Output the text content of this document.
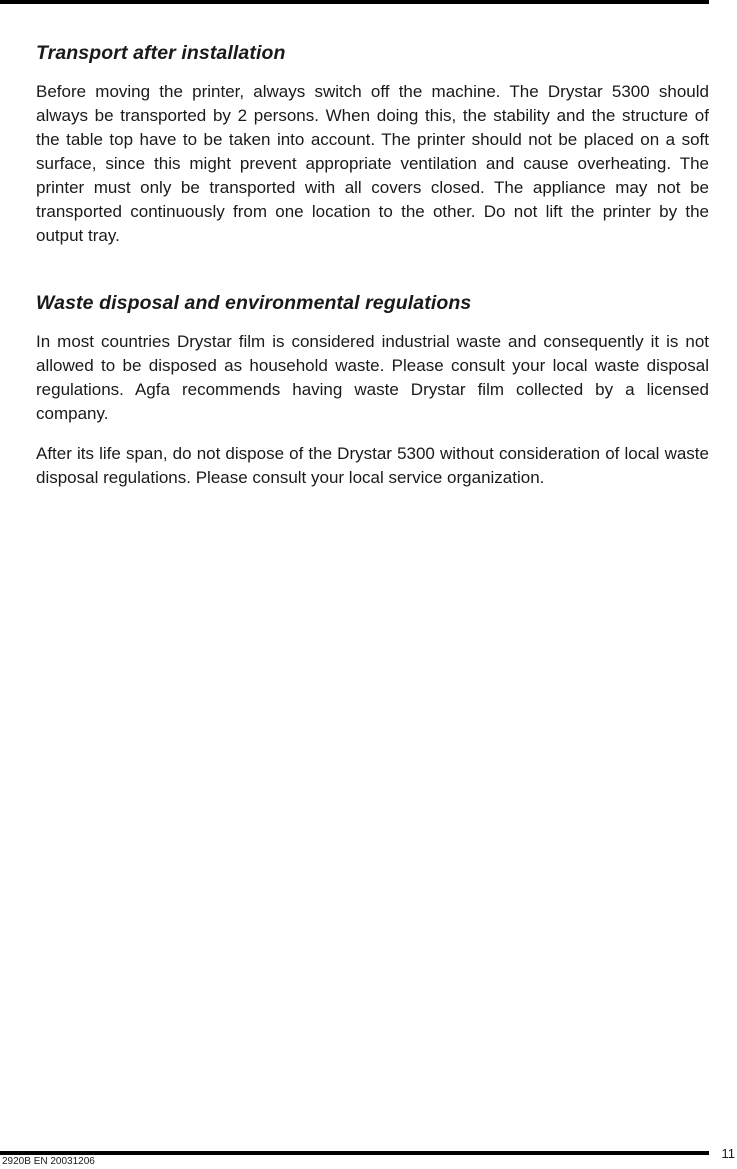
Transport after installation

Before moving the printer, always switch off the machine. The Drystar 5300 should always be transported by 2 persons. When doing this, the stability and the structure of the table top have to be taken into account. The printer should not be placed on a soft surface, since this might prevent appropriate ventilation and cause overheating. The printer must only be transported with all covers closed. The appliance may not be transported continuously from one location to the other. Do not lift the printer by the output tray.

Waste disposal and environmental regulations

In most countries Drystar film is considered industrial waste and consequently it is not allowed to be disposed as household waste. Please consult your local waste disposal regulations. Agfa recommends having waste Drystar film collected by a licensed company.

After its life span, do not dispose of the Drystar 5300 without consideration of local waste disposal regulations. Please consult your local service organization.

2920B EN 20031206
11
